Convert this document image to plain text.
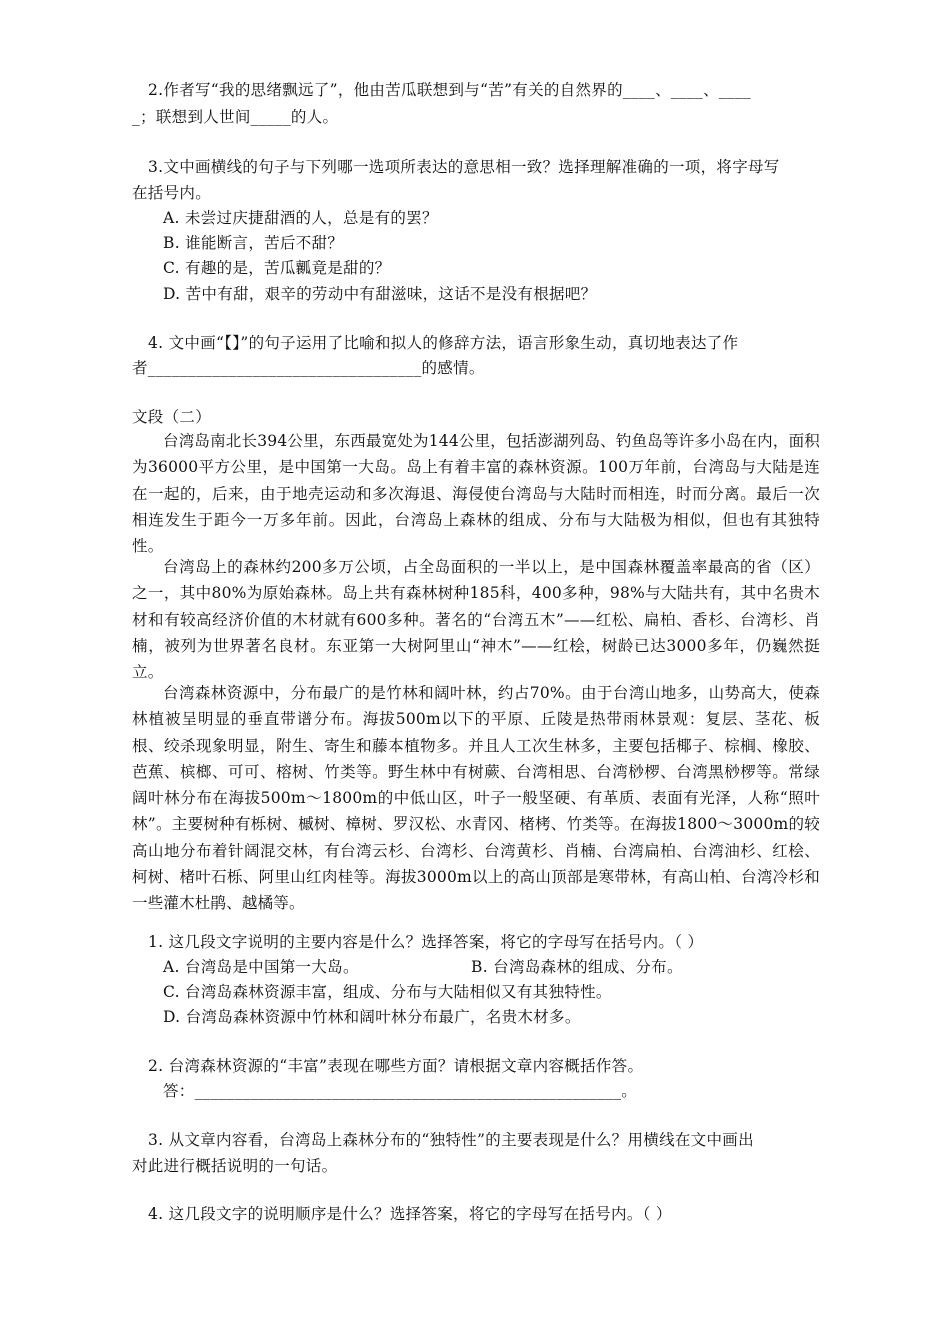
2.作者写“我的思绪飘远了”，他由苦瓜联想到与“苦”有关的自然界的____、____、____
_；联想到人世间_____的人。
3.文中画横线的句子与下列哪一选项所表达的意思相一致？选择理解准确的一项，将字母写
在括号内。
A. 未尝过庆捷甜酒的人，总是有的罢？
B. 谁能断言，苦后不甜？
C. 有趣的是，苦瓜瓤竟是甜的？
D. 苦中有甜，艰辛的劳动中有甜滋味，这话不是没有根据吧？
4. 文中画“【】”的句子运用了比喻和拟人的修辞方法，语言形象生动，真切地表达了作
者__________________________________的感情。
文段（二）
台湾岛南北长394公里，东西最宽处为144公里，包括澎湖列岛、钓鱼岛等许多小岛在内，面积为36000平方公里，是中国第一大岛。岛上有着丰富的森林资源。100万年前，台湾岛与大陆是连在一起的，后来，由于地壳运动和多次海退、海侵使台湾岛与大陆时而相连，时而分离。最后一次相连发生于距今一万多年前。因此，台湾岛上森林的组成、分布与大陆极为相似，但也有其独特性。
台湾岛上的森林约200多万公顷，占全岛面积的一半以上，是中国森林覆盖率最高的省（区）之一，其中80%为原始森林。岛上共有森林树种185科，400多种，98%与大陆共有，其中名贵木材和有较高经济价值的木材就有600多种。著名的“台湾五木”——红松、扁柏、香杉、台湾杉、肖楠，被列为世界著名良材。东亚第一大树阿里山“神木”——红桧，树龄已达3000多年，仍巍然挺立。
台湾森林资源中，分布最广的是竹林和阔叶林，约占70%。由于台湾山地多，山势高大，使森林植被呈明显的垂直带谱分布。海拔500m以下的平原、丘陵是热带雨林景观：复层、茎花、板根、绞杀现象明显，附生、寄生和藤本植物多。并且人工次生林多，主要包括椰子、棕榈、橡胶、芭蕉、槟榔、可可、榕树、竹类等。野生林中有树蕨、台湾相思、台湾桫椤、台湾黑桫椤等。常绿阔叶林分布在海拔500m～1800m的中低山区，叶子一般坚硬、有革质、表面有光泽，人称“照叶林”。主要树种有栎树、槭树、樟树、罗汉松、水青冈、楮栲、竹类等。在海拔1800～3000m的较高山地分布着针阔混交林，有台湾云杉、台湾杉、台湾黄杉、肖楠、台湾扁柏、台湾油杉、红桧、柯树、楮叶石栎、阿里山红肉桂等。海拔3000m以上的高山顶部是寒带林，有高山柏、台湾冷杉和一些灌木杜鹃、越橘等。
1. 这几段文字说明的主要内容是什么？选择答案，将它的字母写在括号内。（ ）
A. 台湾岛是中国第一大岛。	B. 台湾岛森林的组成、分布。
C. 台湾岛森林资源丰富，组成、分布与大陆相似又有其独特性。
D. 台湾岛森林资源中竹林和阔叶林分布最广，名贵木材多。
2. 台湾森林资源的“丰富”表现在哪些方面？请根据文章内容概括作答。
答：_____________________________________________________。
3. 从文章内容看，台湾岛上森林分布的“独特性”的主要表现是什么？用横线在文中画出
对此进行概括说明的一句话。
4. 这几段文字的说明顺序是什么？选择答案，将它的字母写在括号内。（ ）
